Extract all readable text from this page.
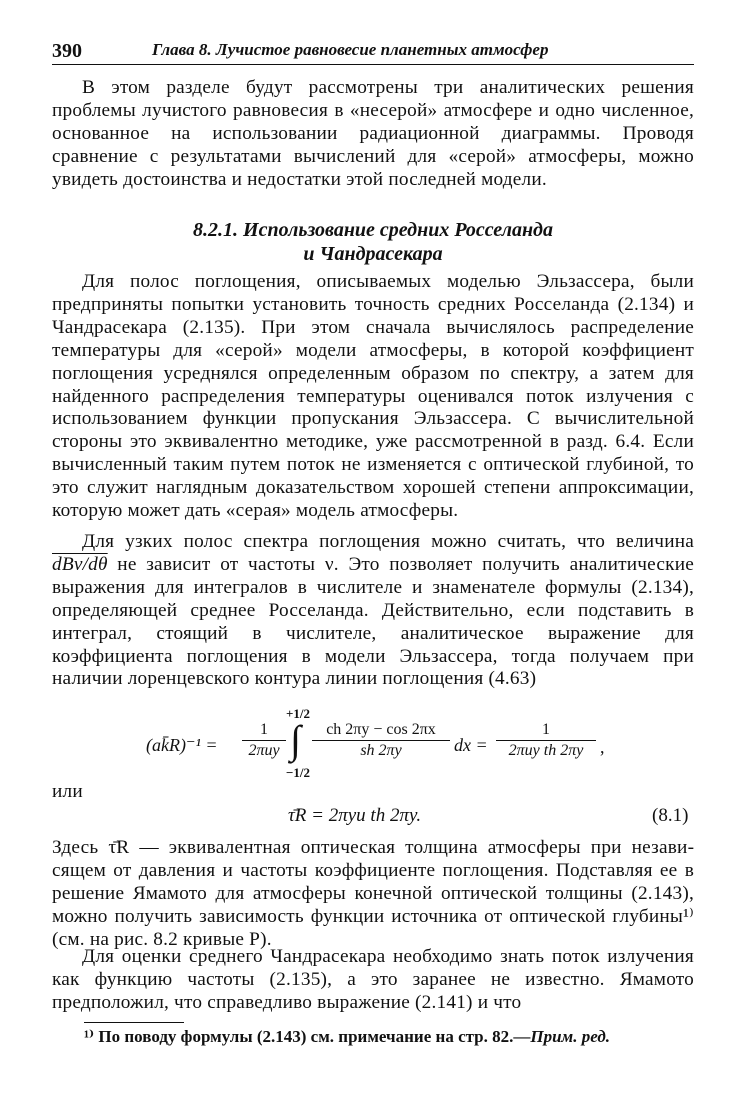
390	Глава 8. Лучистое равновесие планетных атмосфер
В этом разделе будут рассмотрены три аналитических решения проблемы лучистого равновесия в «несерой» атмосфере и одно численное, основанное на использовании радиационной диаграммы. Проводя сравнение с результатами вычислений для «серой» атмосферы, можно увидеть достоинства и недостатки этой последней модели.
8.2.1. Использование средних Росселанда
и Чандрасекара
Для полос поглощения, описываемых моделью Эльзассера, были предприняты попытки установить точность средних Росселанда (2.134) и Чандрасекара (2.135). При этом сначала вычислялось распределение температуры для «серой» модели атмосферы, в которой коэффициент поглощения усреднялся определенным образом по спектру, а затем для найденного распределения температуры оценивался поток излучения с использованием функции пропускания Эльзассера. С вычислительной стороны это эквивалентно методике, уже рассмотренной в разд. 6.4. Если вычисленный таким путем поток не изменяется с оптической глубиной, то это служит наглядным доказательством хорошей степени аппроксимации, которую может дать «серая» модель атмосферы.
Для узких полос спектра поглощения можно считать, что величина dBν/dθ не зависит от частоты ν. Это позволяет получить аналитические выражения для интегралов в числителе и знаменателе формулы (2.134), определяющей среднее Росселанда. Действительно, если подставить в интеграл, стоящий в числителе, аналитическое выражение для коэффициента поглощения в модели Эльзассера, тогда получаем при наличии лоренцевского контура линии поглощения (4.63)
(ak̄R)⁻¹ =
1
2πuy
+1/2
∫
−1/2
ch 2πy − cos 2πx
sh 2πy	dx =
1
2πuy th 2πy ,
или
τ̄R = 2πyu th 2πy.	(8.1)
Здесь τ̄R — эквивалентная оптическая толщина атмосферы при независящем от давления и частоты коэффициенте поглощения. Подставляя ее в решение Ямамото для атмосферы конечной оптической толщины (2.143), можно получить зависимость функции источника от оптической глубины¹⁾ (см. на рис. 8.2 кривые P).
Для оценки среднего Чандрасекара необходимо знать поток излучения как функцию частоты (2.135), а это заранее не известно. Ямамото предположил, что справедливо выражение (2.141) и что
¹⁾ По поводу формулы (2.143) см. примечание на стр. 82.—Прим. ред.
